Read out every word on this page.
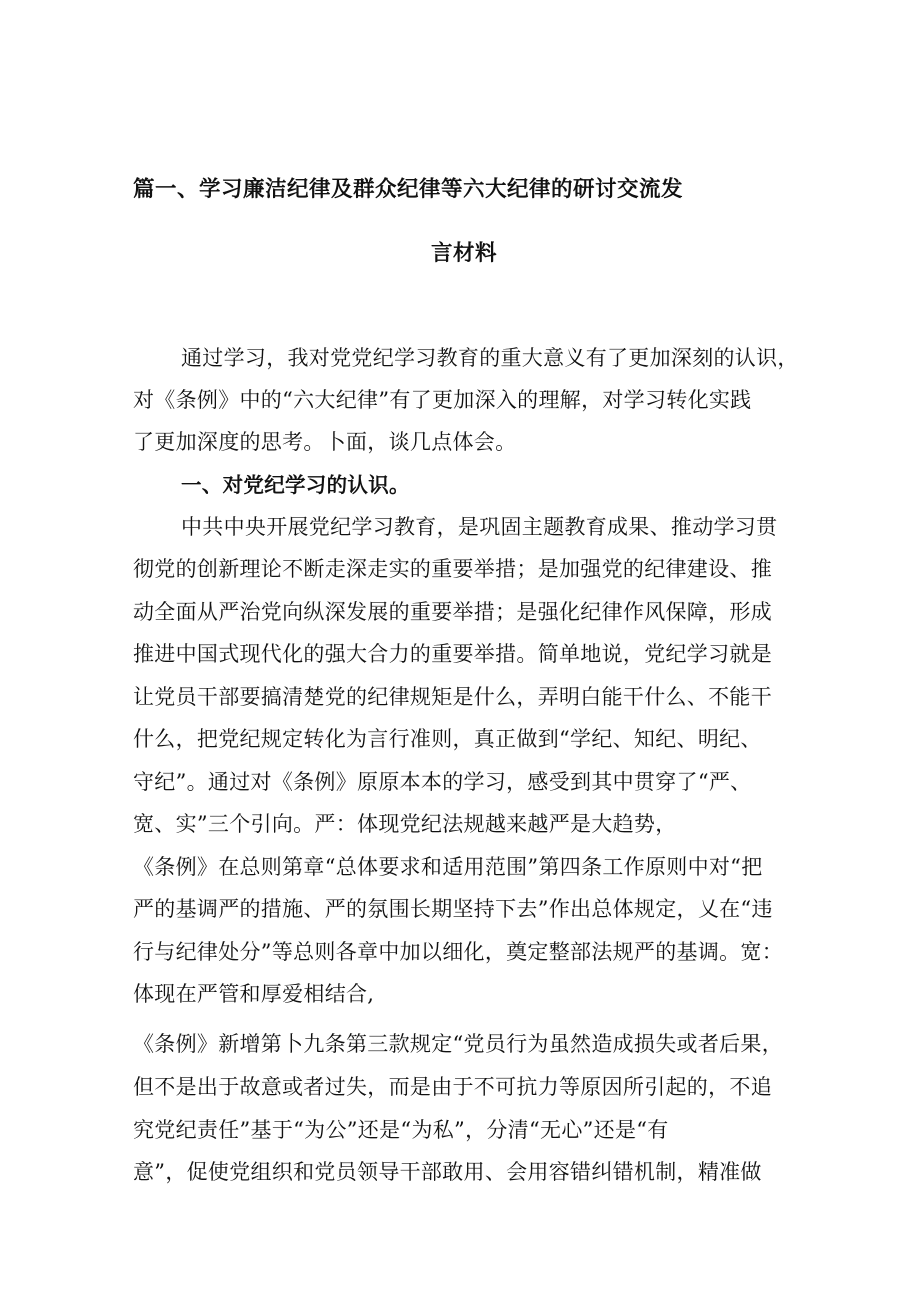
篇一、学习廉洁纪律及群众纪律等六大纪律的研讨交流发
言材料
通过学习，我对党党纪学习教育的重大意义有了更加深刻的认识，
对《条例》中的“六大纪律”有了更加深入的理解，对学习转化实践
了更加深度的思考。卜面，谈几点体会。
一、对党纪学习的认识。
中共中央开展党纪学习教育，是巩固主题教育成果、推动学习贯
彻党的创新理论不断走深走实的重要举措；是加强党的纪律建设、推
动全面从严治党向纵深发展的重要举措；是强化纪律作风保障，形成
推进中国式现代化的强大合力的重要举措。简单地说，党纪学习就是
让党员干部要搞清楚党的纪律规矩是什么，弄明白能干什么、不能干
什么，把党纪规定转化为言行准则，真正做到“学纪、知纪、明纪、
守纪”。通过对《条例》原原本本的学习，感受到其中贯穿了“严、
宽、实”三个引向。严：体现党纪法规越来越严是大趋势，
《条例》在总则第章“总体要求和适用范围”第四条工作原则中对“把
严的基调严的措施、严的氛围长期坚持下去”作出总体规定，乂在“违
行与纪律处分”等总则各章中加以细化，奠定整部法规严的基调。宽：
体现在严管和厚爱相结合,
《条例》新增第卜九条第三款规定“党员行为虽然造成损失或者后果，
但不是出于故意或者过失，而是由于不可抗力等原因所引起的，不追
究党纪责任”基于“为公”还是“为私”，分清“无心”还是“有
意”，促使党组织和党员领导干部敢用、会用容错纠错机制，精准做
